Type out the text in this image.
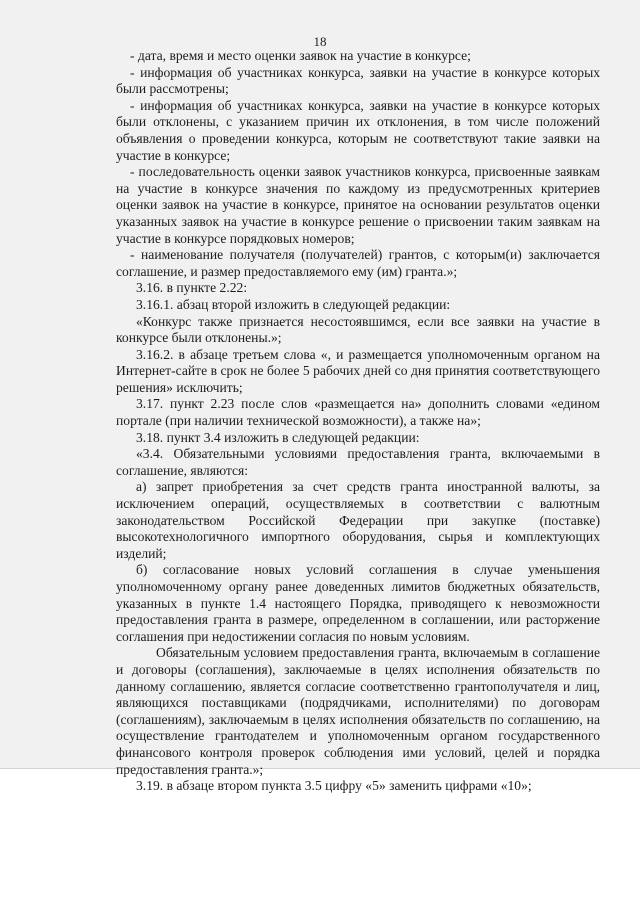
18

- дата, время и место оценки заявок на участие в конкурсе;

- информация об участниках конкурса, заявки на участие в конкурсе которых были рассмотрены;

- информация об участниках конкурса, заявки на участие в конкурсе которых были отклонены, с указанием причин их отклонения, в том числе положений объявления о проведении конкурса, которым не соответствуют такие заявки на участие в конкурсе;

- последовательность оценки заявок участников конкурса, присвоенные заявкам на участие в конкурсе значения по каждому из предусмотренных критериев оценки заявок на участие в конкурсе, принятое на основании результатов оценки указанных заявок на участие в конкурсе решение о присвоении таким заявкам на участие в конкурсе порядковых номеров;

- наименование получателя (получателей) грантов, с которым(и) заключается соглашение, и размер предоставляемого ему (им) гранта.»;

3.16. в пункте 2.22:

3.16.1. абзац второй изложить в следующей редакции:

«Конкурс также признается несостоявшимся, если все заявки на участие в конкурсе были отклонены.»;

3.16.2. в абзаце третьем слова «, и размещается уполномоченным органом на Интернет-сайте в срок не более 5 рабочих дней со дня принятия соответствующего решения» исключить;

3.17. пункт 2.23 после слов «размещается на» дополнить словами «едином портале (при наличии технической возможности), а также на»;

3.18. пункт 3.4 изложить в следующей редакции:

«3.4. Обязательными условиями предоставления гранта, включаемыми в соглашение, являются:

а) запрет приобретения за счет средств гранта иностранной валюты, за исключением операций, осуществляемых в соответствии с валютным законодательством Российской Федерации при закупке (поставке) высокотехнологичного импортного оборудования, сырья и комплектующих изделий;

б) согласование новых условий соглашения в случае уменьшения уполномоченному органу ранее доведенных лимитов бюджетных обязательств, указанных в пункте 1.4 настоящего Порядка, приводящего к невозможности предоставления гранта в размере, определенном в соглашении, или расторжение соглашения при недостижении согласия по новым условиям.

Обязательным условием предоставления гранта, включаемым в соглашение и договоры (соглашения), заключаемые в целях исполнения обязательств по данному соглашению, является согласие соответственно грантополучателя и лиц, являющихся поставщиками (подрядчиками, исполнителями) по договорам (соглашениям), заключаемым в целях исполнения обязательств по соглашению, на осуществление грантодателем и уполномоченным органом государственного финансового контроля проверок соблюдения ими условий, целей и порядка предоставления гранта.»;

3.19. в абзаце втором пункта 3.5 цифру «5» заменить цифрами «10»;
